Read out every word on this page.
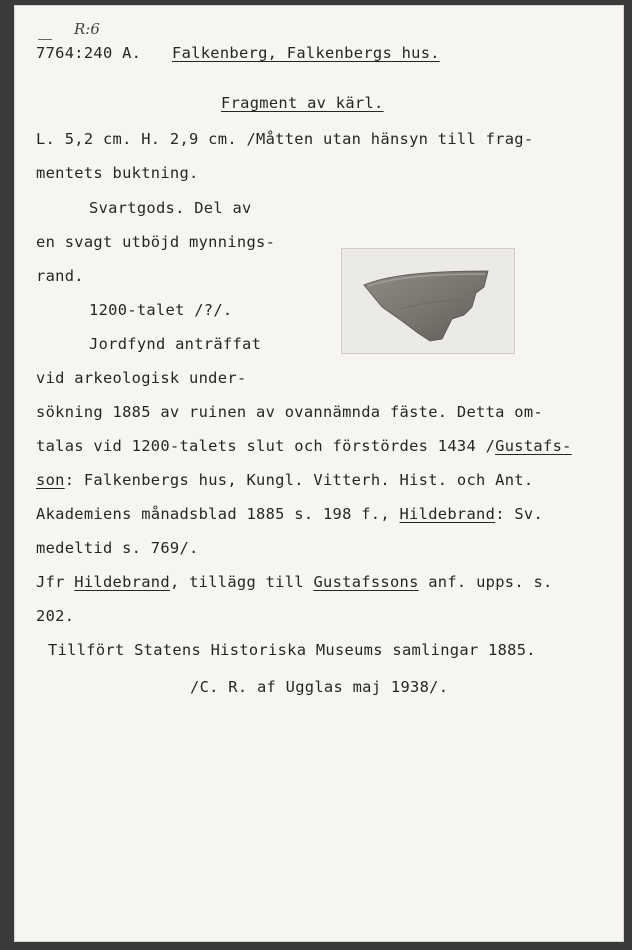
R:6
7764:240 A. Falkenberg, Falkenbergs hus.
Fragment av kärl.
L. 5,2 cm. H. 2,9 cm. /Måtten utan hänsyn till frag-
mentets buktning.
Svartgods. Del av
en svagt utböjd mynnings-
rand.
1200-talet /?/.
Jordfynd anträffat
vid arkeologisk under-
sökning 1885 av ruinen av ovannämnda fäste. Detta om-
talas vid 1200-talets slut och förstördes 1434 /Gustafs-
son: Falkenbergs hus, Kungl. Vitterh. Hist. och Ant.
Akademiens månadsblad 1885 s. 198 f., Hildebrand: Sv.
medeltid s. 769/.
Jfr Hildebrand, tillägg till Gustafssons anf. upps. s.
202.
Tillfört Statens Historiska Museums samlingar 1885.
/C. R. af Ugglas maj 1938/.
